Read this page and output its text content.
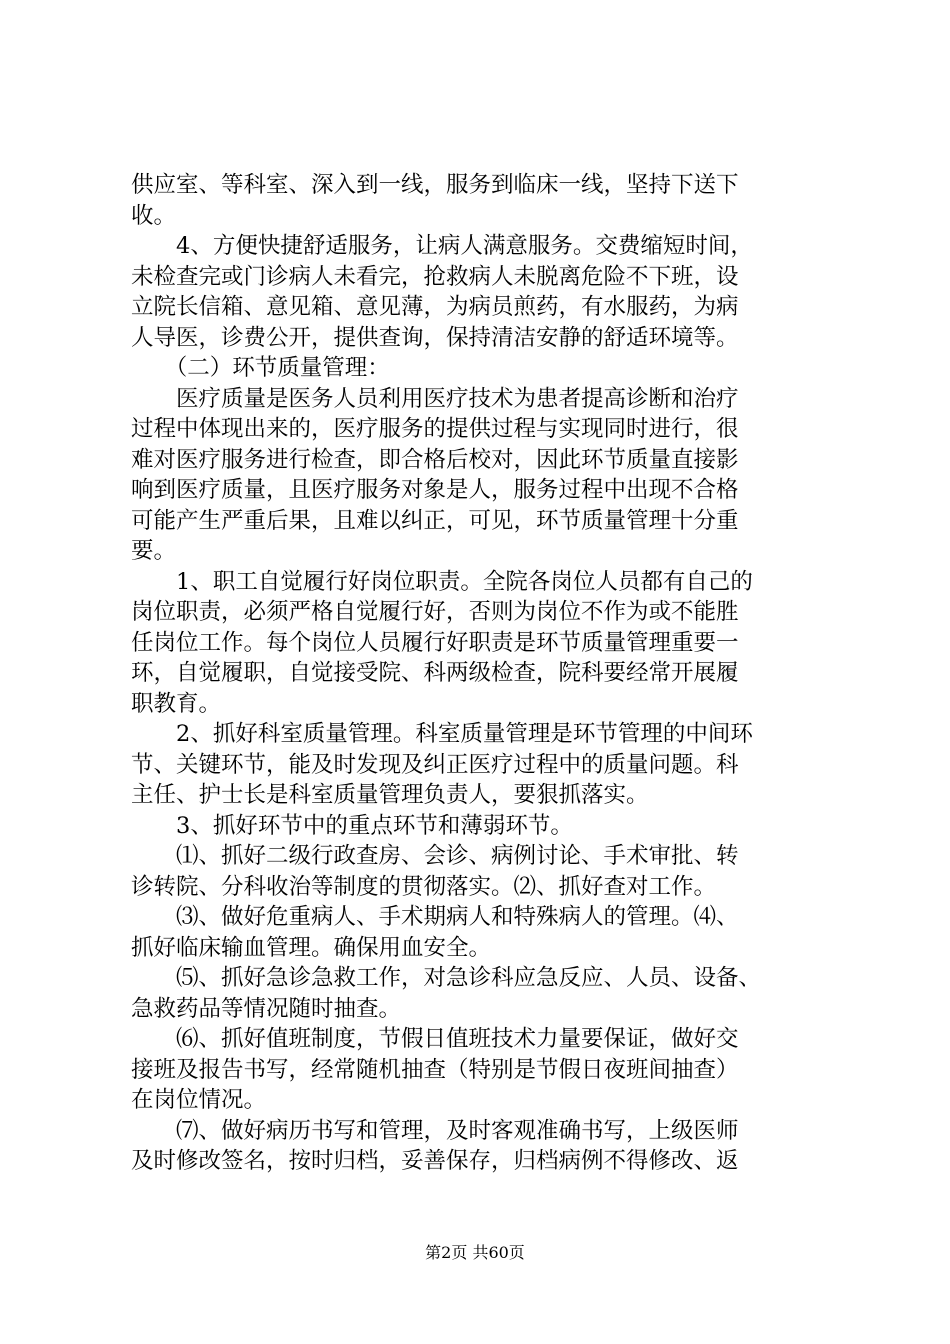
供应室、等科室、深入到一线，服务到临床一线，坚持下送下
收。
　　4、方便快捷舒适服务，让病人满意服务。交费缩短时间，
未检查完或门诊病人未看完，抢救病人未脱离危险不下班，设
立院长信箱、意见箱、意见薄，为病员煎药，有水服药，为病
人导医，诊费公开，提供查询，保持清洁安静的舒适环境等。
　　（二）环节质量管理：
　　医疗质量是医务人员利用医疗技术为患者提高诊断和治疗
过程中体现出来的，医疗服务的提供过程与实现同时进行，很
难对医疗服务进行检查，即合格后校对，因此环节质量直接影
响到医疗质量，且医疗服务对象是人，服务过程中出现不合格
可能产生严重后果，且难以纠正，可见，环节质量管理十分重
要。
　　1、职工自觉履行好岗位职责。全院各岗位人员都有自己的
岗位职责，必须严格自觉履行好，否则为岗位不作为或不能胜
任岗位工作。每个岗位人员履行好职责是环节质量管理重要一
环，自觉履职，自觉接受院、科两级检查，院科要经常开展履
职教育。
　　2、抓好科室质量管理。科室质量管理是环节管理的中间环
节、关键环节，能及时发现及纠正医疗过程中的质量问题。科
主任、护士长是科室质量管理负责人，要狠抓落实。
　　3、抓好环节中的重点环节和薄弱环节。
　　⑴、抓好二级行政查房、会诊、病例讨论、手术审批、转
诊转院、分科收治等制度的贯彻落实。⑵、抓好查对工作。
　　⑶、做好危重病人、手术期病人和特殊病人的管理。⑷、
抓好临床输血管理。确保用血安全。
　　⑸、抓好急诊急救工作，对急诊科应急反应、人员、设备、
急救药品等情况随时抽查。
　　⑹、抓好值班制度，节假日值班技术力量要保证，做好交
接班及报告书写，经常随机抽查（特别是节假日夜班间抽查）
在岗位情况。
　　⑺、做好病历书写和管理，及时客观准确书写，上级医师
及时修改签名，按时归档，妥善保存，归档病例不得修改、返
第2页 共60页
